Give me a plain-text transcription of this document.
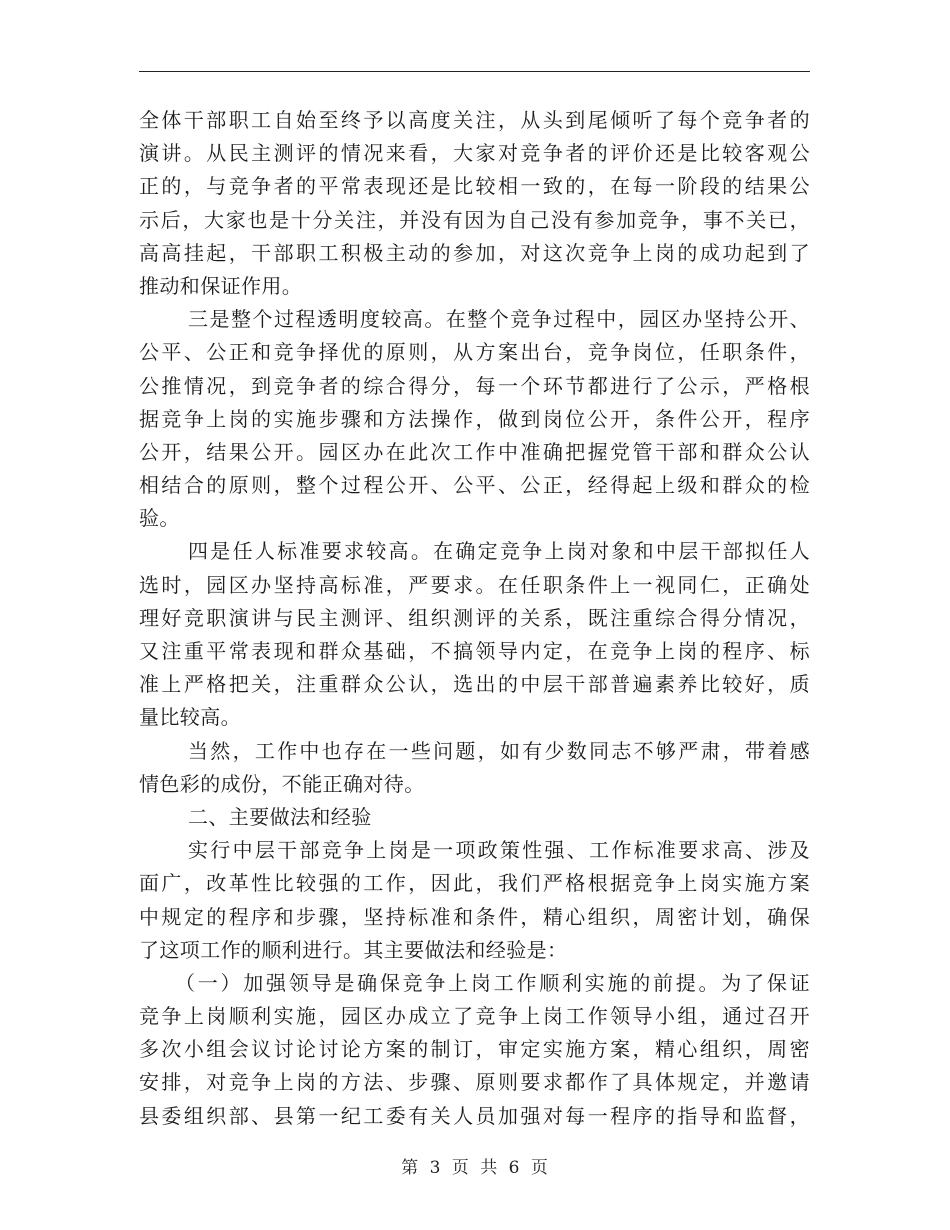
全体干部职工自始至终予以高度关注，从头到尾倾听了每个竞争者的
演讲。从民主测评的情况来看，大家对竞争者的评价还是比较客观公
正的，与竞争者的平常表现还是比较相一致的，在每一阶段的结果公
示后，大家也是十分关注，并没有因为自己没有参加竞争，事不关已，
高高挂起，干部职工积极主动的参加，对这次竞争上岗的成功起到了
推动和保证作用。
三是整个过程透明度较高。在整个竞争过程中，园区办坚持公开、
公平、公正和竞争择优的原则，从方案出台，竞争岗位，任职条件，
公推情况，到竞争者的综合得分，每一个环节都进行了公示，严格根
据竞争上岗的实施步骤和方法操作，做到岗位公开，条件公开，程序
公开，结果公开。园区办在此次工作中准确把握党管干部和群众公认
相结合的原则，整个过程公开、公平、公正，经得起上级和群众的检
验。
四是任人标准要求较高。在确定竞争上岗对象和中层干部拟任人
选时，园区办坚持高标准，严要求。在任职条件上一视同仁，正确处
理好竞职演讲与民主测评、组织测评的关系，既注重综合得分情况，
又注重平常表现和群众基础，不搞领导内定，在竞争上岗的程序、标
准上严格把关，注重群众公认，选出的中层干部普遍素养比较好，质
量比较高。
当然，工作中也存在一些问题，如有少数同志不够严肃，带着感
情色彩的成份，不能正确对待。
二、主要做法和经验
实行中层干部竞争上岗是一项政策性强、工作标准要求高、涉及
面广，改革性比较强的工作，因此，我们严格根据竞争上岗实施方案
中规定的程序和步骤，坚持标准和条件，精心组织，周密计划，确保
了这项工作的顺利进行。其主要做法和经验是：
（一）加强领导是确保竞争上岗工作顺利实施的前提。为了保证
竞争上岗顺利实施，园区办成立了竞争上岗工作领导小组，通过召开
多次小组会议讨论讨论方案的制订，审定实施方案，精心组织，周密
安排，对竞争上岗的方法、步骤、原则要求都作了具体规定，并邀请
县委组织部、县第一纪工委有关人员加强对每一程序的指导和监督，
第 3 页 共 6 页
